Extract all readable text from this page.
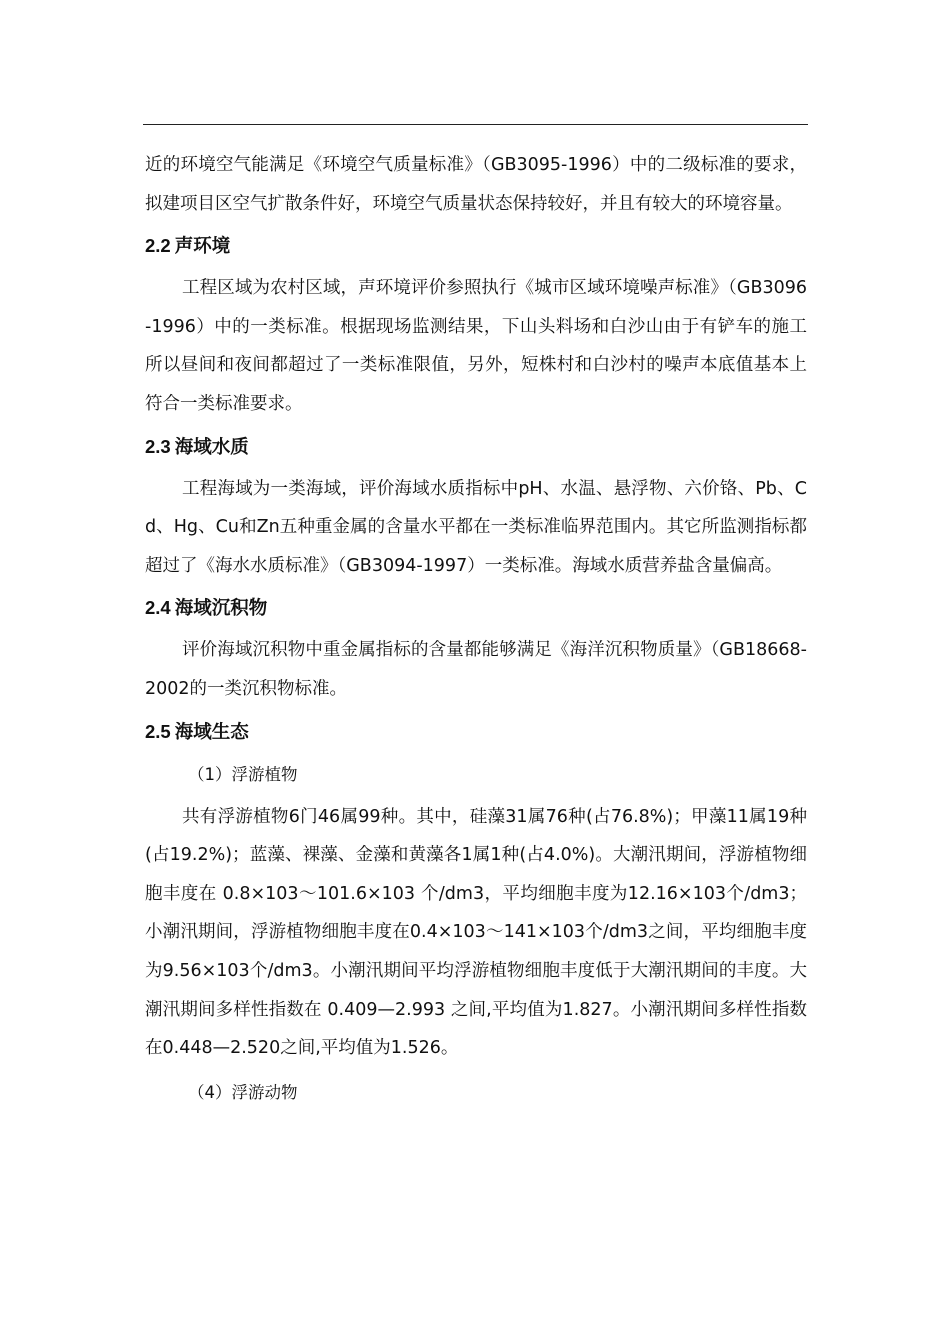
近的环境空气能满足《环境空气质量标准》（GB3095-1996）中的二级标准的要求，拟建项目区空气扩散条件好，环境空气质量状态保持较好，并且有较大的环境容量。

2.2 声环境

工程区域为农村区域，声环境评价参照执行《城市区域环境噪声标准》（GB3096-1996）中的一类标准。根据现场监测结果，下山头料场和白沙山由于有铲车的施工所以昼间和夜间都超过了一类标准限值，另外，短株村和白沙村的噪声本底值基本上符合一类标准要求。

2.3 海域水质

工程海域为一类海域，评价海域水质指标中pH、水温、悬浮物、六价铬、Pb、Cd、Hg、Cu和Zn五种重金属的含量水平都在一类标准临界范围内。其它所监测指标都超过了《海水水质标准》（GB3094-1997）一类标准。海域水质营养盐含量偏高。

2.4 海域沉积物

评价海域沉积物中重金属指标的含量都能够满足《海洋沉积物质量》（GB18668-2002的一类沉积物标准。

2.5 海域生态
（1）浮游植物

共有浮游植物6门46属99种。其中，硅藻31属76种(占76.8%)；甲藻11属19种(占19.2%)；蓝藻、裸藻、金藻和黄藻各1属1种(占4.0%)。大潮汛期间，浮游植物细胞丰度在 0.8×103～101.6×103 个/dm3，平均细胞丰度为12.16×103个/dm3；小潮汛期间，浮游植物细胞丰度在0.4×103～141×103个/dm3之间，平均细胞丰度为9.56×103个/dm3。小潮汛期间平均浮游植物细胞丰度低于大潮汛期间的丰度。大潮汛期间多样性指数在 0.409—2.993 之间,平均值为1.827。小潮汛期间多样性指数在0.448—2.520之间,平均值为1.526。

（4）浮游动物
